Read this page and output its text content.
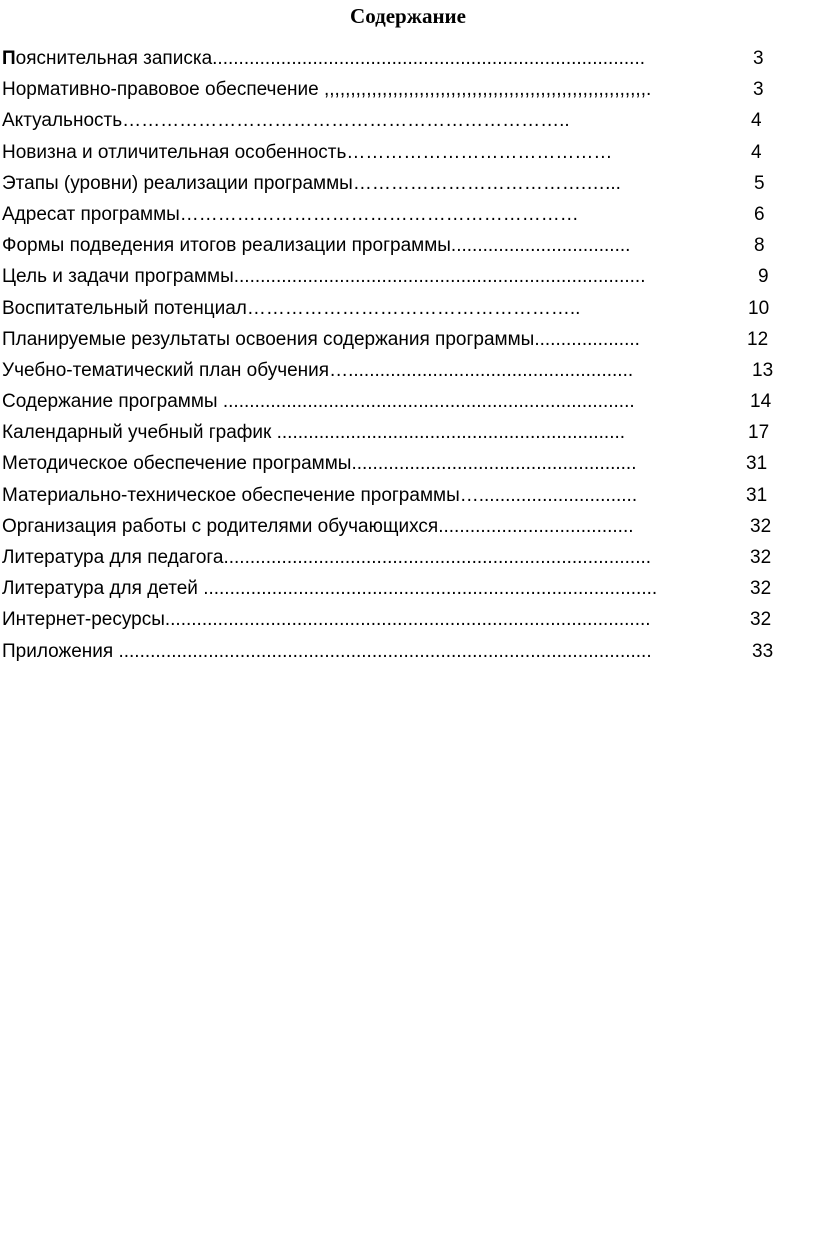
Содержание
Пояснительная записка..................................................................................	3
Нормативно-правовое обеспечение ,,,,,,,,,,,,,,,,,,,,,,,,,,,,,,,,,,,,,,,,,,,,,,,,,,,,,,,,,,,,,.	3
Актуальность……………………………………………………………..	4
Новизна и отличительная особенность……………………………………	4
Этапы (уровни) реализации программы……………………………….…...	5
Адресат программы………………………………………………………	6
Формы подведения итогов реализации программы..................................	8
Цель и задачи программы..............................................................................	9
Воспитательный потенциал……………………………………………..	10
Планируемые результаты освоения содержания программы....................	12
Учебно-тематический план обучения…......................................................	13
Содержание программы ..............................................................................	14
Календарный учебный график ..................................................................	17
Методическое обеспечение программы......................................................	31
Материально-техническое обеспечение программы…..............................	31
Организация работы с родителями обучающихся.....................................	32
Литература для педагога.................................................................................	32
Литература для детей ......................................................................................	32
Интернет-ресурсы............................................................................................	32
Приложения .....................................................................................................	33
